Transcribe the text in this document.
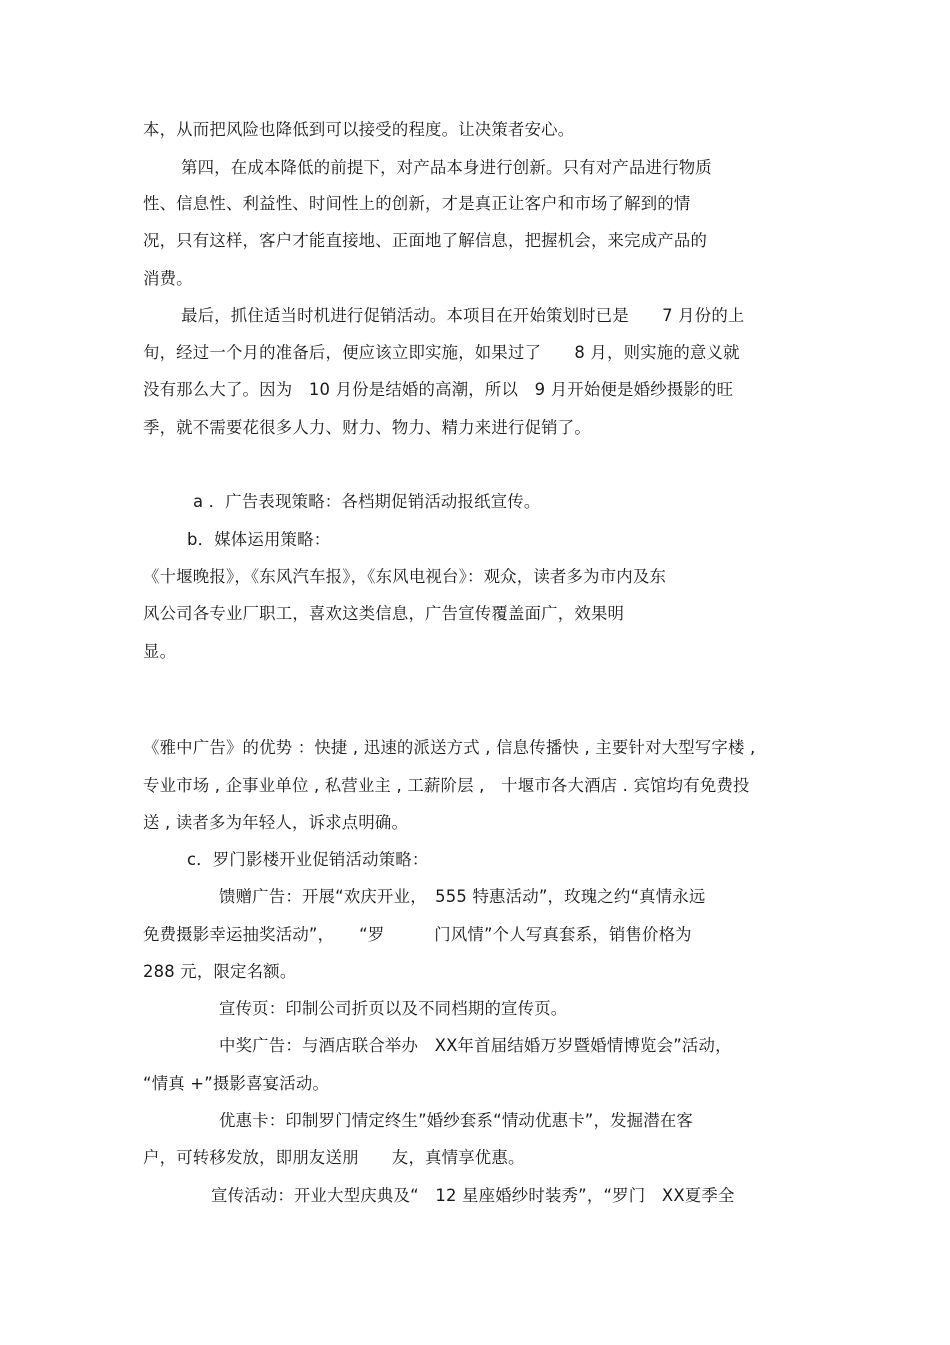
本，从而把风险也降低到可以接受的程度。让决策者安心。
第四，在成本降低的前提下，对产品本身进行创新。只有对产品进行物质
性、信息性、利益性、时间性上的创新，才是真正让客户和市场了解到的情
况，只有这样，客户才能直接地、正面地了解信息，把握机会，来完成产品的
消费。
最后，抓住适当时机进行促销活动。本项目在开始策划时已是　　7 月份的上
旬，经过一个月的准备后，便应该立即实施，如果过了　　8 月，则实施的意义就
没有那么大了。因为　10 月份是结婚的高潮，所以　9 月开始便是婚纱摄影的旺
季，就不需要花很多人力、财力、物力、精力来进行促销了。
a ．广告表现策略：各档期促销活动报纸宣传。
b．媒体运用策略：
《十堰晚报》，《东风汽车报》，《东风电视台》：观众，读者多为市内及东
风公司各专业厂职工，喜欢这类信息，广告宣传覆盖面广，效果明
显。
《雅中广告》的优势 ：快捷 , 迅速的派送方式 , 信息传播快 , 主要针对大型写字楼 ,
专业市场 , 企事业单位 , 私营业主 , 工薪阶层 ,　十堰市各大酒店 . 宾馆均有免费投
送 , 读者多为年轻人，诉求点明确。
c．罗门影楼开业促销活动策略：
馈赠广告：开展“欢庆开业，　555 特惠活动”，玫瑰之约“真情永远
免费摄影幸运抽奖活动”，　　“罗　　　门风情”个人写真套系，销售价格为
288 元，限定名额。
宣传页：印制公司折页以及不同档期的宣传页。
中奖广告：与酒店联合举办　XX年首届结婚万岁暨婚情博览会”活动，
“情真 +”摄影喜宴活动。
优惠卡：印制罗门情定终生”婚纱套系“情动优惠卡”，发掘潜在客
户，可转移发放，即朋友送朋　　友，真情享优惠。
宣传活动：开业大型庆典及“　12 星座婚纱时装秀”，“罗门　XX夏季全
